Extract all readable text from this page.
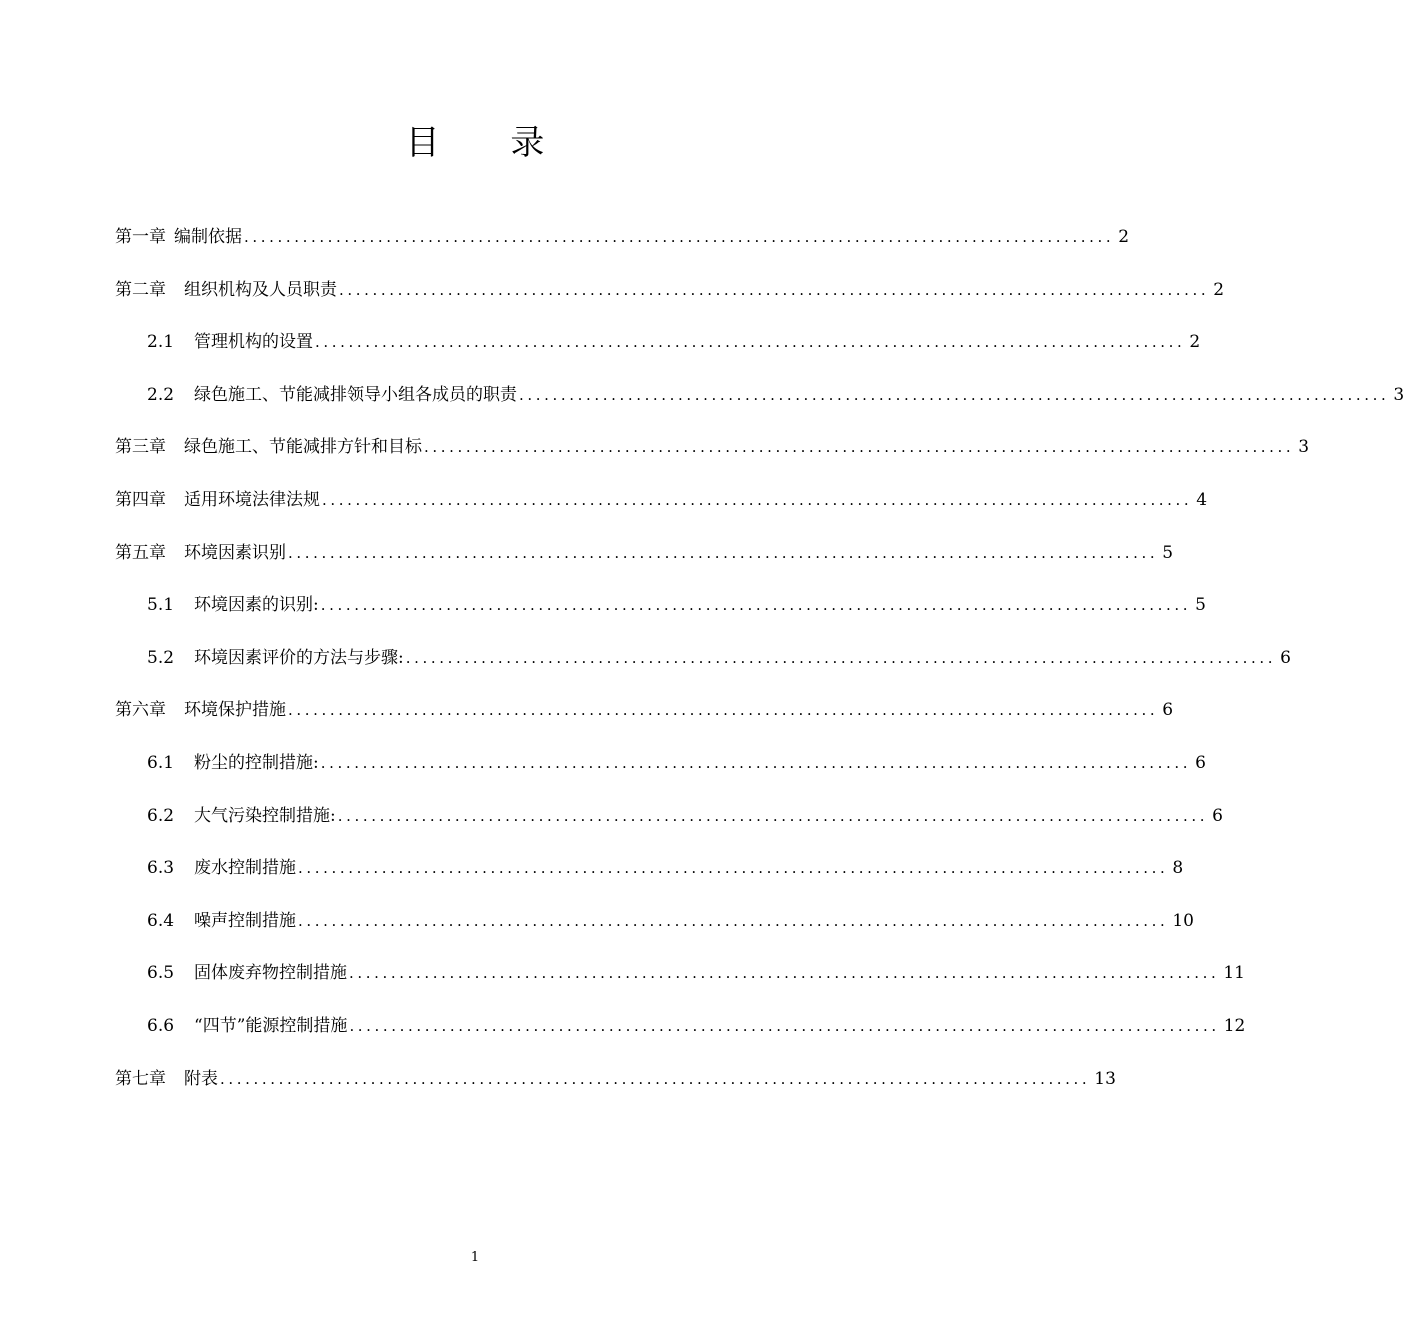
目 录
第一章 编制依据 ........................................................................................................ 2
第二章 组织机构及人员职责 ........................................................................................................ 2
2.1 管理机构的设置 ........................................................................................................ 2
2.2 绿色施工、节能减排领导小组各成员的职责 ........................................................................................................ 3
第三章 绿色施工、节能减排方针和目标 ........................................................................................................ 3
第四章 适用环境法律法规 ........................................................................................................ 4
第五章 环境因素识别 ........................................................................................................ 5
5.1 环境因素的识别: ........................................................................................................ 5
5.2 环境因素评价的方法与步骤: ........................................................................................................ 6
第六章 环境保护措施 ........................................................................................................ 6
6.1 粉尘的控制措施: ........................................................................................................ 6
6.2 大气污染控制措施: ........................................................................................................ 6
6.3 废水控制措施 ........................................................................................................ 8
6.4 噪声控制措施 ........................................................................................................ 10
6.5 固体废弃物控制措施 ........................................................................................................ 11
6.6 “四节”能源控制措施 ........................................................................................................ 12
第七章 附表 ........................................................................................................ 13
1
